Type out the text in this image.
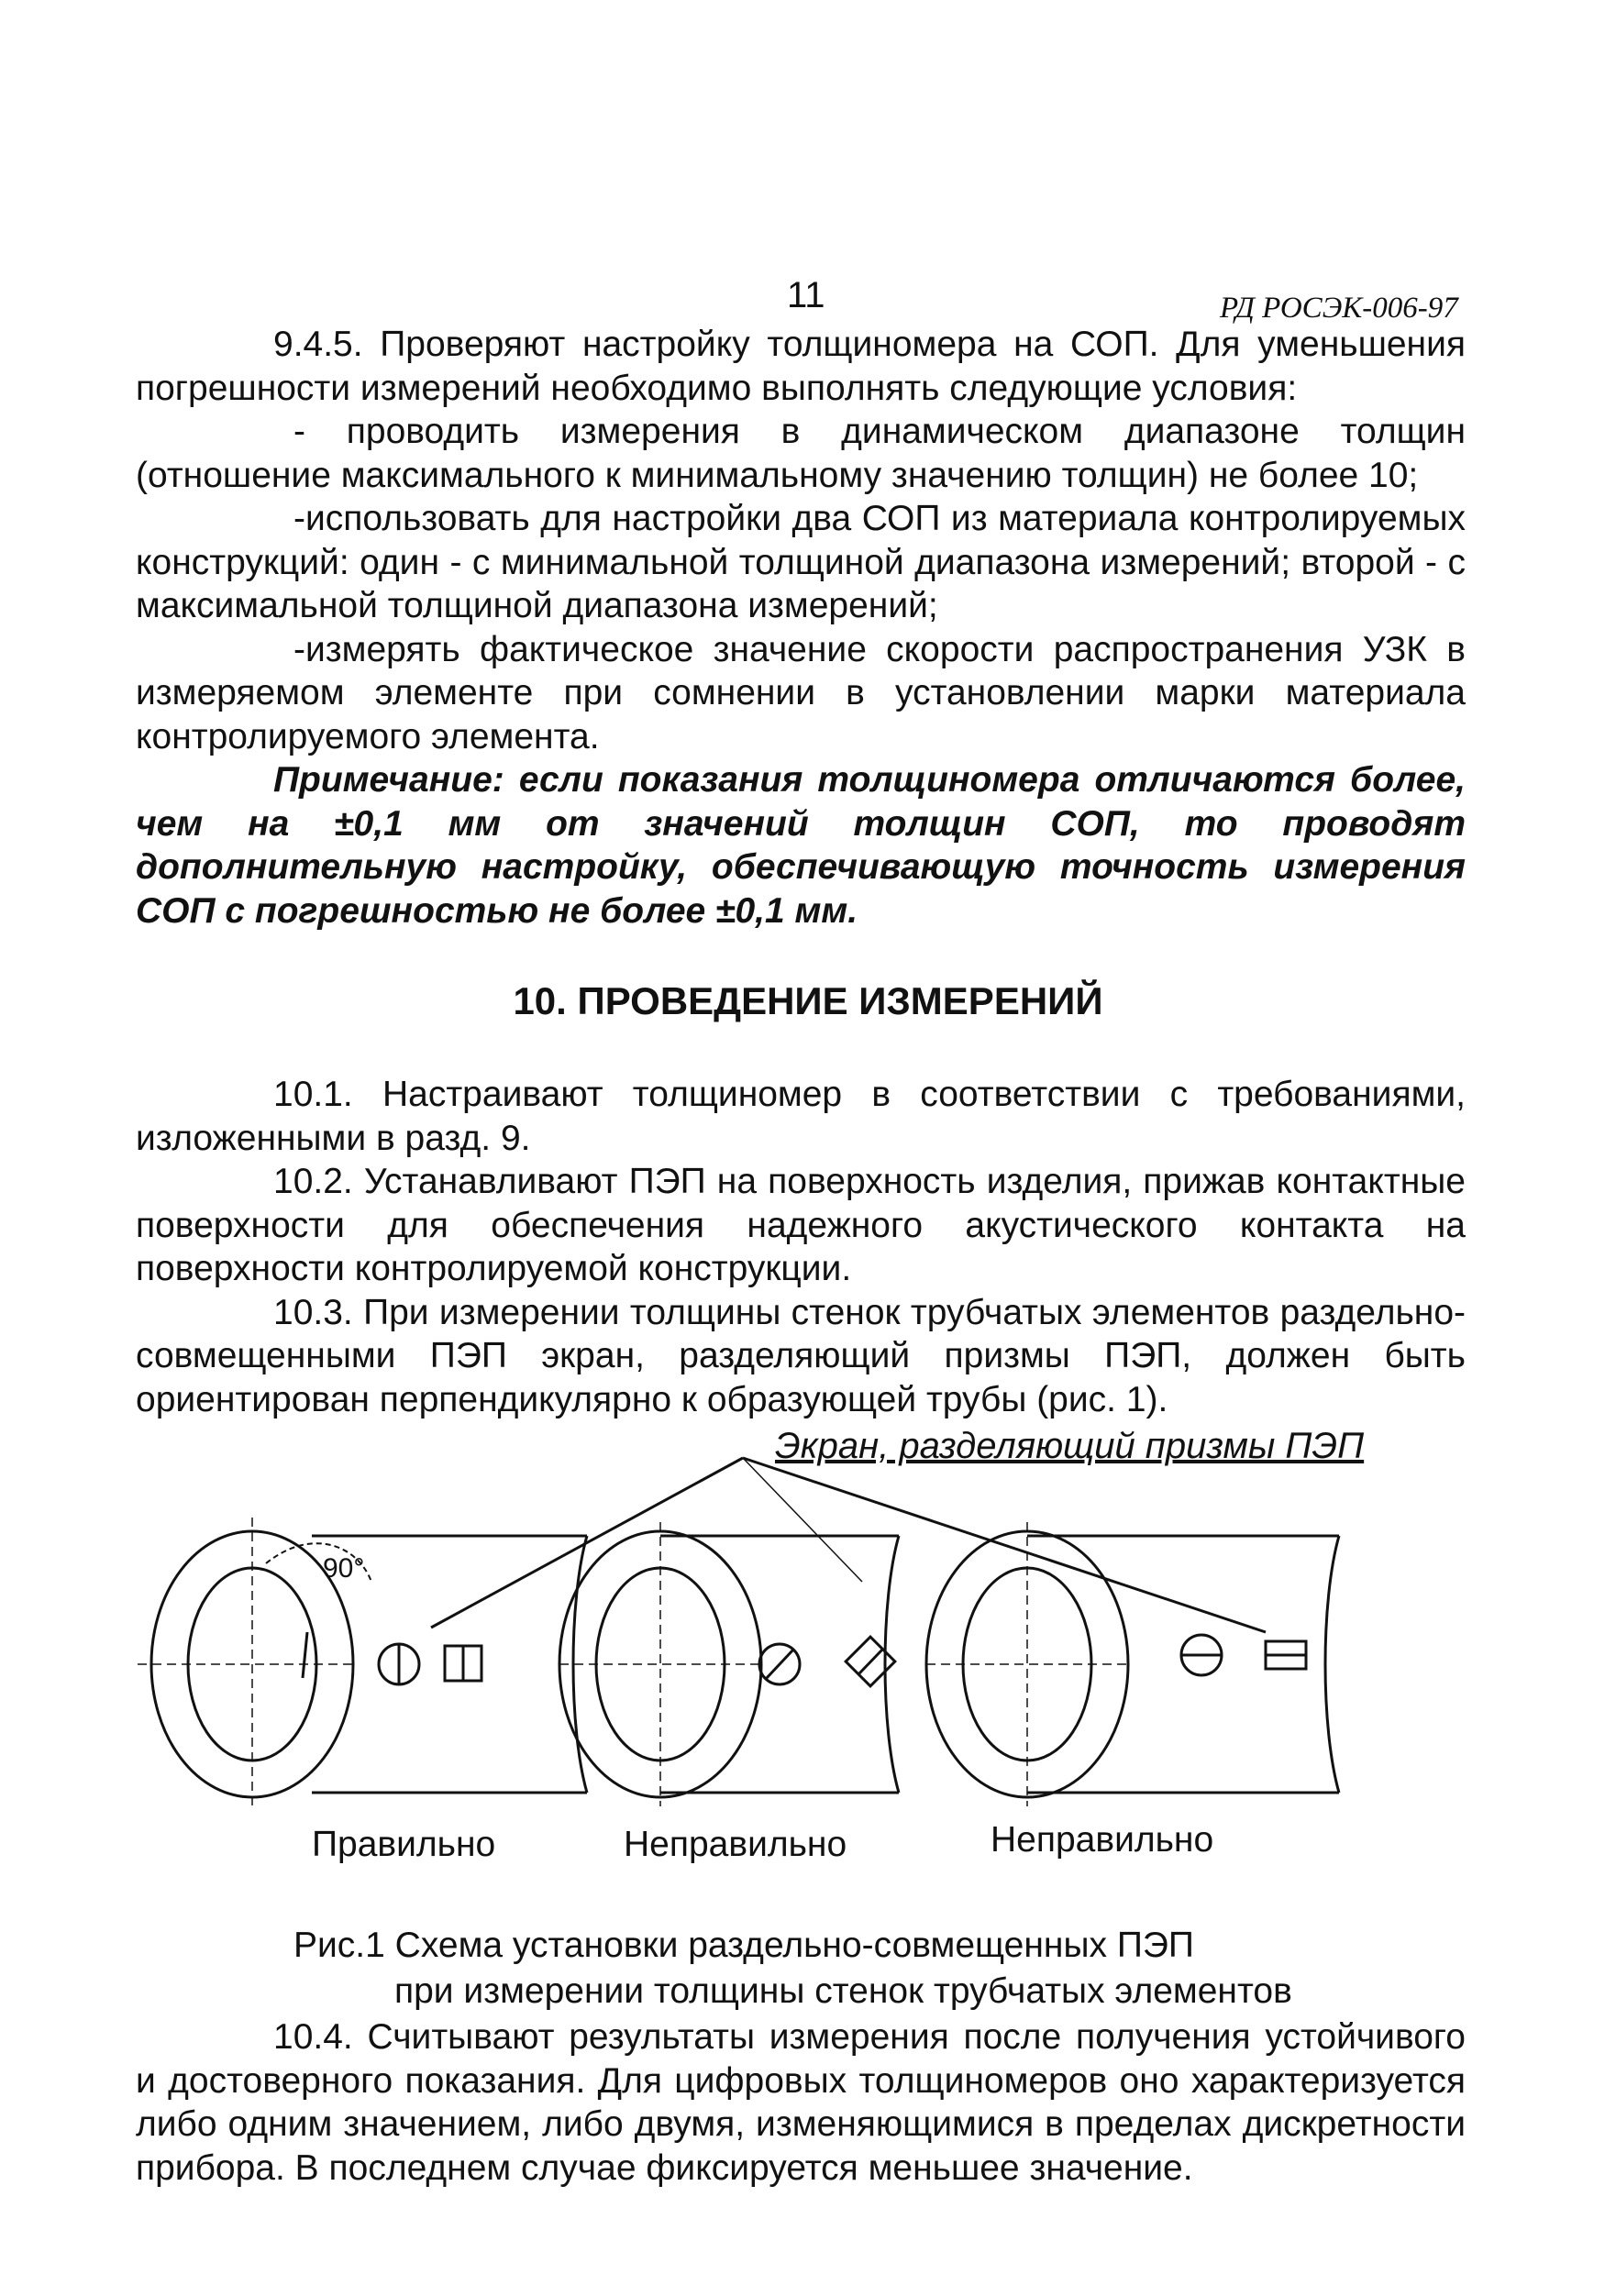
11	РД РОСЭК-006-97

9.4.5. Проверяют настройку толщиномера на СОП. Для уменьшения погрешности измерений необходимо выполнять следующие условия:

- проводить измерения в динамическом диапазоне толщин (отношение максимального к минимальному значению толщин) не более 10;

-использовать для настройки два СОП из материала контролируемых конструкций: один - с минимальной толщиной диапазона измерений; второй - с максимальной толщиной диапазона измерений;

-измерять фактическое значение скорости распространения УЗК в измеряемом элементе при сомнении в установлении марки материала контролируемого элемента.

Примечание: если показания толщиномера отличаются более, чем на ±0,1 мм от значений толщин СОП, то проводят дополнительную настройку, обеспечивающую точность измерения СОП с погрешностью не более ±0,1 мм.

10. ПРОВЕДЕНИЕ ИЗМЕРЕНИЙ

10.1. Настраивают толщиномер в соответствии с требованиями, изложенными в разд. 9.

10.2. Устанавливают ПЭП на поверхность изделия, прижав контактные поверхности для обеспечения надежного акустического контакта на поверхности контролируемой конструкции.

10.3. При измерении толщины стенок трубчатых элементов раздельно-совмещенными ПЭП экран, разделяющий призмы ПЭП, должен быть ориентирован перпендикулярно к образующей трубы (рис. 1).

Экран, разделяющий призмы ПЭП
90°
Правильно	Неправильно	Неправильно
Рис.1 Схема установки раздельно-совмещенных ПЭП
при измерении толщины стенок трубчатых элементов

10.4. Считывают результаты измерения после получения устойчивого и достоверного показания. Для цифровых толщиномеров оно характеризуется либо одним значением, либо двумя, изменяющимися в пределах дискретности прибора. В последнем случае фиксируется меньшее значение.
